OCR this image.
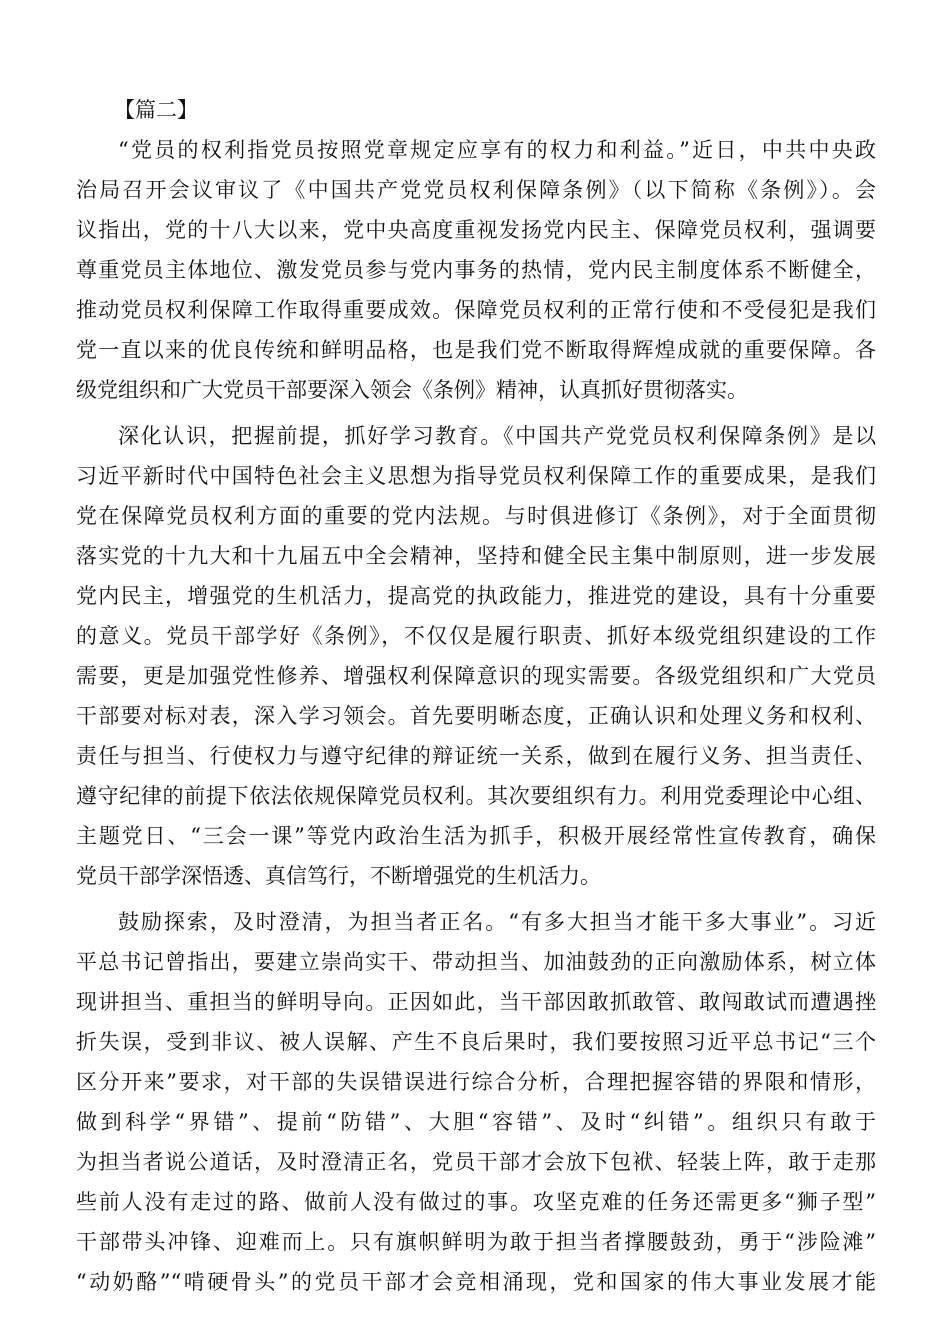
【篇二】
“党员的权利指党员按照党章规定应享有的权力和利益。”近日，中共中央政
治局召开会议审议了《中国共产党党员权利保障条例》（以下简称《条例》）。会
议指出，党的十八大以来，党中央高度重视发扬党内民主、保障党员权利，强调要
尊重党员主体地位、激发党员参与党内事务的热情，党内民主制度体系不断健全，
推动党员权利保障工作取得重要成效。保障党员权利的正常行使和不受侵犯是我们
党一直以来的优良传统和鲜明品格，也是我们党不断取得辉煌成就的重要保障。各
级党组织和广大党员干部要深入领会《条例》精神，认真抓好贯彻落实。
深化认识，把握前提，抓好学习教育。《中国共产党党员权利保障条例》是以
习近平新时代中国特色社会主义思想为指导党员权利保障工作的重要成果，是我们
党在保障党员权利方面的重要的党内法规。与时俱进修订《条例》，对于全面贯彻
落实党的十九大和十九届五中全会精神，坚持和健全民主集中制原则，进一步发展
党内民主，增强党的生机活力，提高党的执政能力，推进党的建设，具有十分重要
的意义。党员干部学好《条例》，不仅仅是履行职责、抓好本级党组织建设的工作
需要，更是加强党性修养、增强权利保障意识的现实需要。各级党组织和广大党员
干部要对标对表，深入学习领会。首先要明晰态度，正确认识和处理义务和权利、
责任与担当、行使权力与遵守纪律的辩证统一关系，做到在履行义务、担当责任、
遵守纪律的前提下依法依规保障党员权利。其次要组织有力。利用党委理论中心组、
主题党日、“三会一课”等党内政治生活为抓手，积极开展经常性宣传教育，确保
党员干部学深悟透、真信笃行，不断增强党的生机活力。
鼓励探索，及时澄清，为担当者正名。“有多大担当才能干多大事业”。习近
平总书记曾指出，要建立崇尚实干、带动担当、加油鼓劲的正向激励体系，树立体
现讲担当、重担当的鲜明导向。正因如此，当干部因敢抓敢管、敢闯敢试而遭遇挫
折失误，受到非议、被人误解、产生不良后果时，我们要按照习近平总书记“三个
区分开来”要求，对干部的失误错误进行综合分析，合理把握容错的界限和情形，
做到科学“界错”、提前“防错”、大胆“容错”、及时“纠错”。组织只有敢于
为担当者说公道话，及时澄清正名，党员干部才会放下包袱、轻装上阵，敢于走那
些前人没有走过的路、做前人没有做过的事。攻坚克难的任务还需更多“狮子型”
干部带头冲锋、迎难而上。只有旗帜鲜明为敢于担当者撑腰鼓劲，勇于“涉险滩”
“动奶酪”“啃硬骨头”的党员干部才会竞相涌现，党和国家的伟大事业发展才能
